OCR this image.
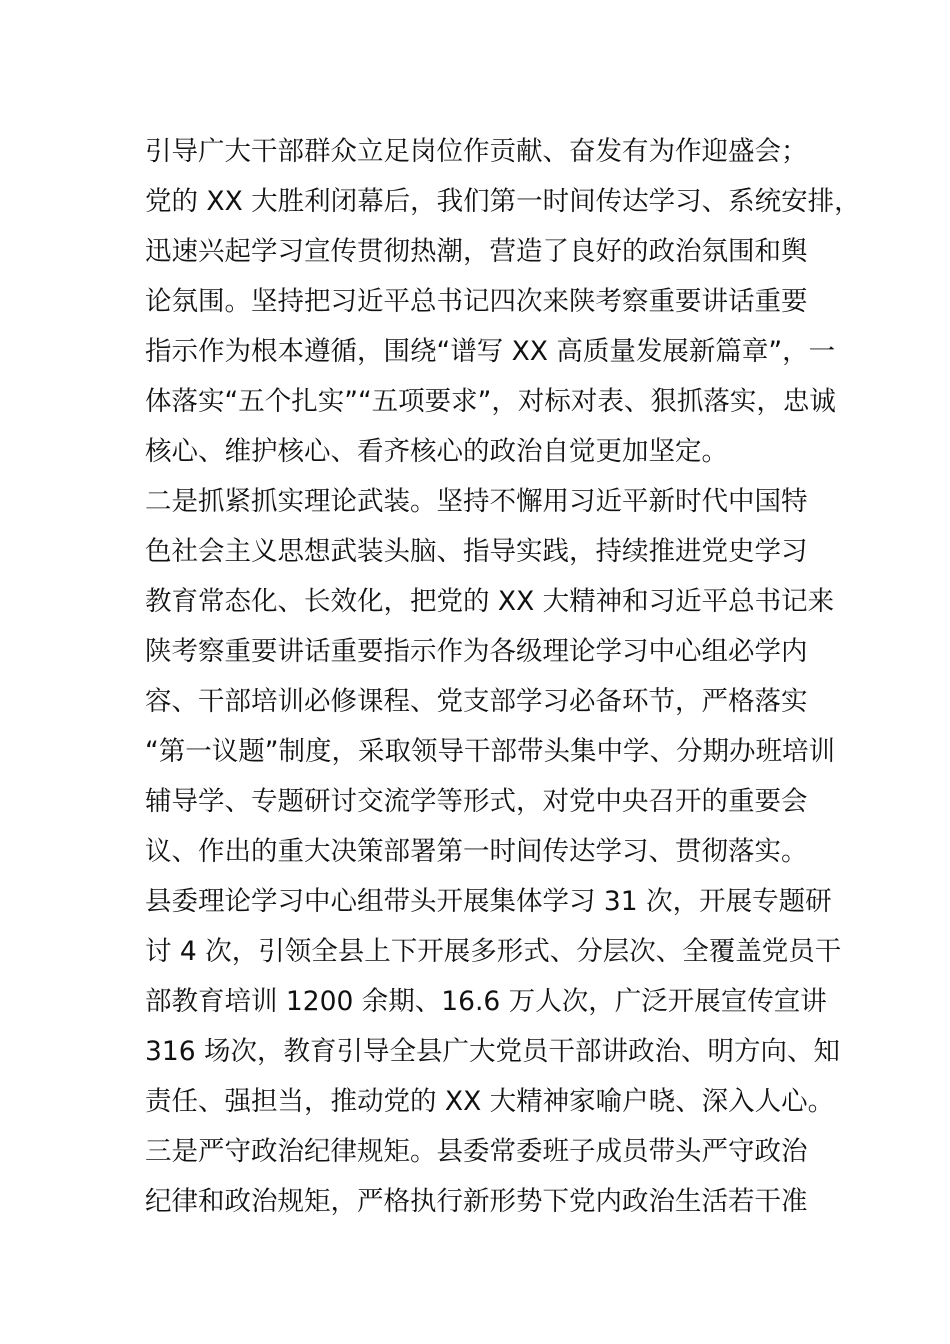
引导广大干部群众立足岗位作贡献、奋发有为作迎盛会；
党的 XX 大胜利闭幕后，我们第一时间传达学习、系统安排，
迅速兴起学习宣传贯彻热潮，营造了良好的政治氛围和舆
论氛围。坚持把习近平总书记四次来陕考察重要讲话重要
指示作为根本遵循，围绕“谱写 XX 高质量发展新篇章”，一
体落实“五个扎实”“五项要求”，对标对表、狠抓落实，忠诚
核心、维护核心、看齐核心的政治自觉更加坚定。
二是抓紧抓实理论武装。坚持不懈用习近平新时代中国特
色社会主义思想武装头脑、指导实践，持续推进党史学习
教育常态化、长效化，把党的 XX 大精神和习近平总书记来
陕考察重要讲话重要指示作为各级理论学习中心组必学内
容、干部培训必修课程、党支部学习必备环节，严格落实
“第一议题”制度，采取领导干部带头集中学、分期办班培训
辅导学、专题研讨交流学等形式，对党中央召开的重要会
议、作出的重大决策部署第一时间传达学习、贯彻落实。
县委理论学习中心组带头开展集体学习 31 次，开展专题研
讨 4 次，引领全县上下开展多形式、分层次、全覆盖党员干
部教育培训 1200 余期、16.6 万人次，广泛开展宣传宣讲
316 场次，教育引导全县广大党员干部讲政治、明方向、知
责任、强担当，推动党的 XX 大精神家喻户晓、深入人心。
三是严守政治纪律规矩。县委常委班子成员带头严守政治
纪律和政治规矩，严格执行新形势下党内政治生活若干准
